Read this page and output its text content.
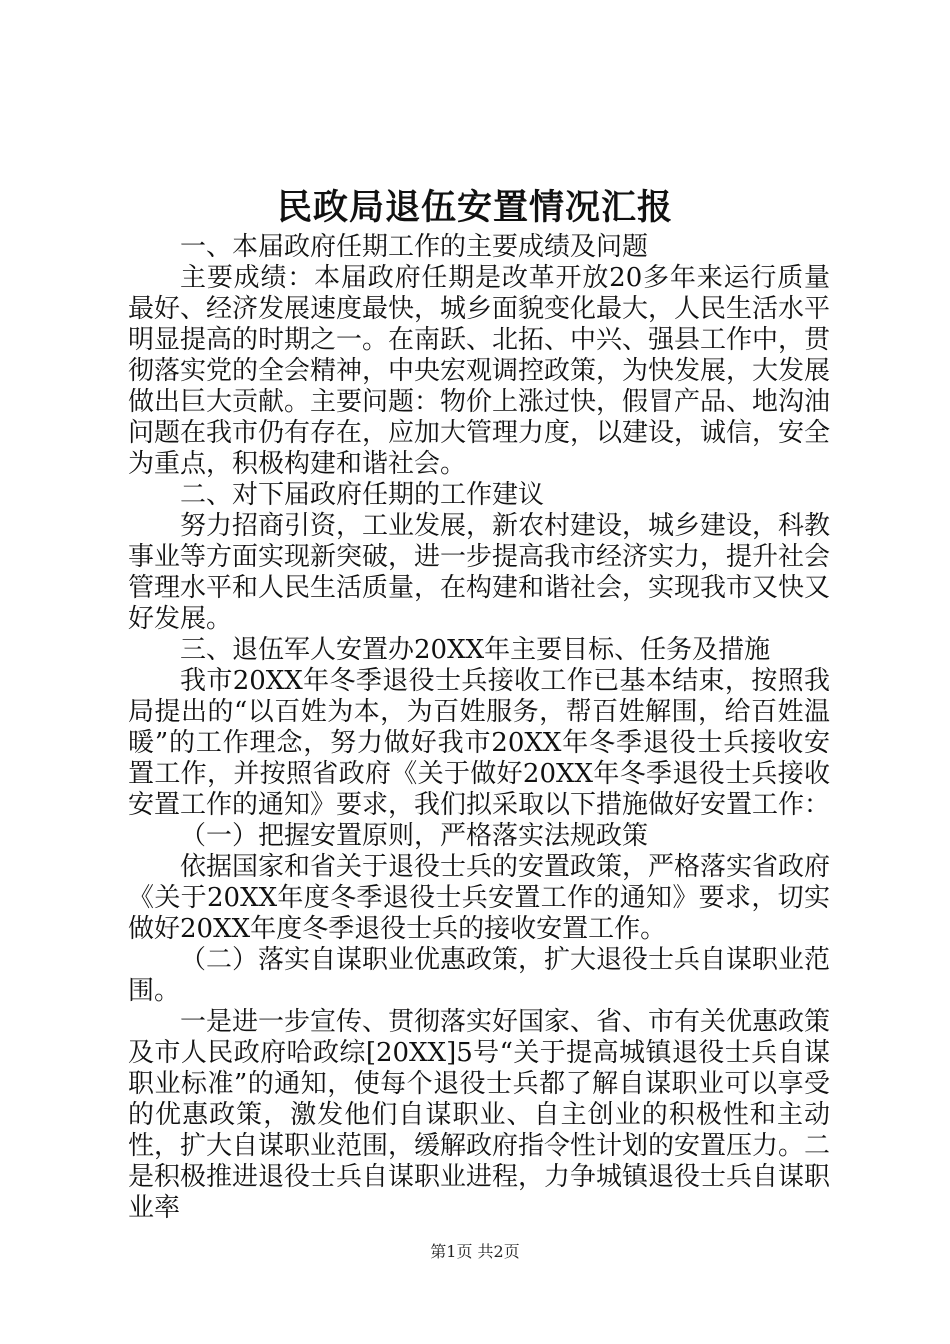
民政局退伍安置情况汇报

一、本届政府任期工作的主要成绩及问题

主要成绩：本届政府任期是改革开放20多年来运行质量最好、经济发展速度最快，城乡面貌变化最大，人民生活水平明显提高的时期之一。在南跃、北拓、中兴、强县工作中，贯彻落实党的全会精神，中央宏观调控政策，为快发展，大发展做出巨大贡献。主要问题：物价上涨过快，假冒产品、地沟油问题在我市仍有存在，应加大管理力度，以建设，诚信，安全为重点，积极构建和谐社会。

二、对下届政府任期的工作建议

努力招商引资，工业发展，新农村建设，城乡建设，科教事业等方面实现新突破，进一步提高我市经济实力，提升社会管理水平和人民生活质量，在构建和谐社会，实现我市又快又好发展。

三、退伍军人安置办20XX年主要目标、任务及措施

我市20XX年冬季退役士兵接收工作已基本结束，按照我局提出的“以百姓为本，为百姓服务，帮百姓解围，给百姓温暖”的工作理念，努力做好我市20XX年冬季退役士兵接收安置工作，并按照省政府《关于做好20XX年冬季退役士兵接收安置工作的通知》要求，我们拟采取以下措施做好安置工作：

（一）把握安置原则，严格落实法规政策

依据国家和省关于退役士兵的安置政策，严格落实省政府《关于20XX年度冬季退役士兵安置工作的通知》要求，切实做好20XX年度冬季退役士兵的接收安置工作。

（二）落实自谋职业优惠政策，扩大退役士兵自谋职业范围。

一是进一步宣传、贯彻落实好国家、省、市有关优惠政策及市人民政府哈政综[20XX]5号“关于提高城镇退役士兵自谋职业标准”的通知，使每个退役士兵都了解自谋职业可以享受的优惠政策，激发他们自谋职业、自主创业的积极性和主动性，扩大自谋职业范围，缓解政府指令性计划的安置压力。二是积极推进退役士兵自谋职业进程，力争城镇退役士兵自谋职业率

第1页 共2页
